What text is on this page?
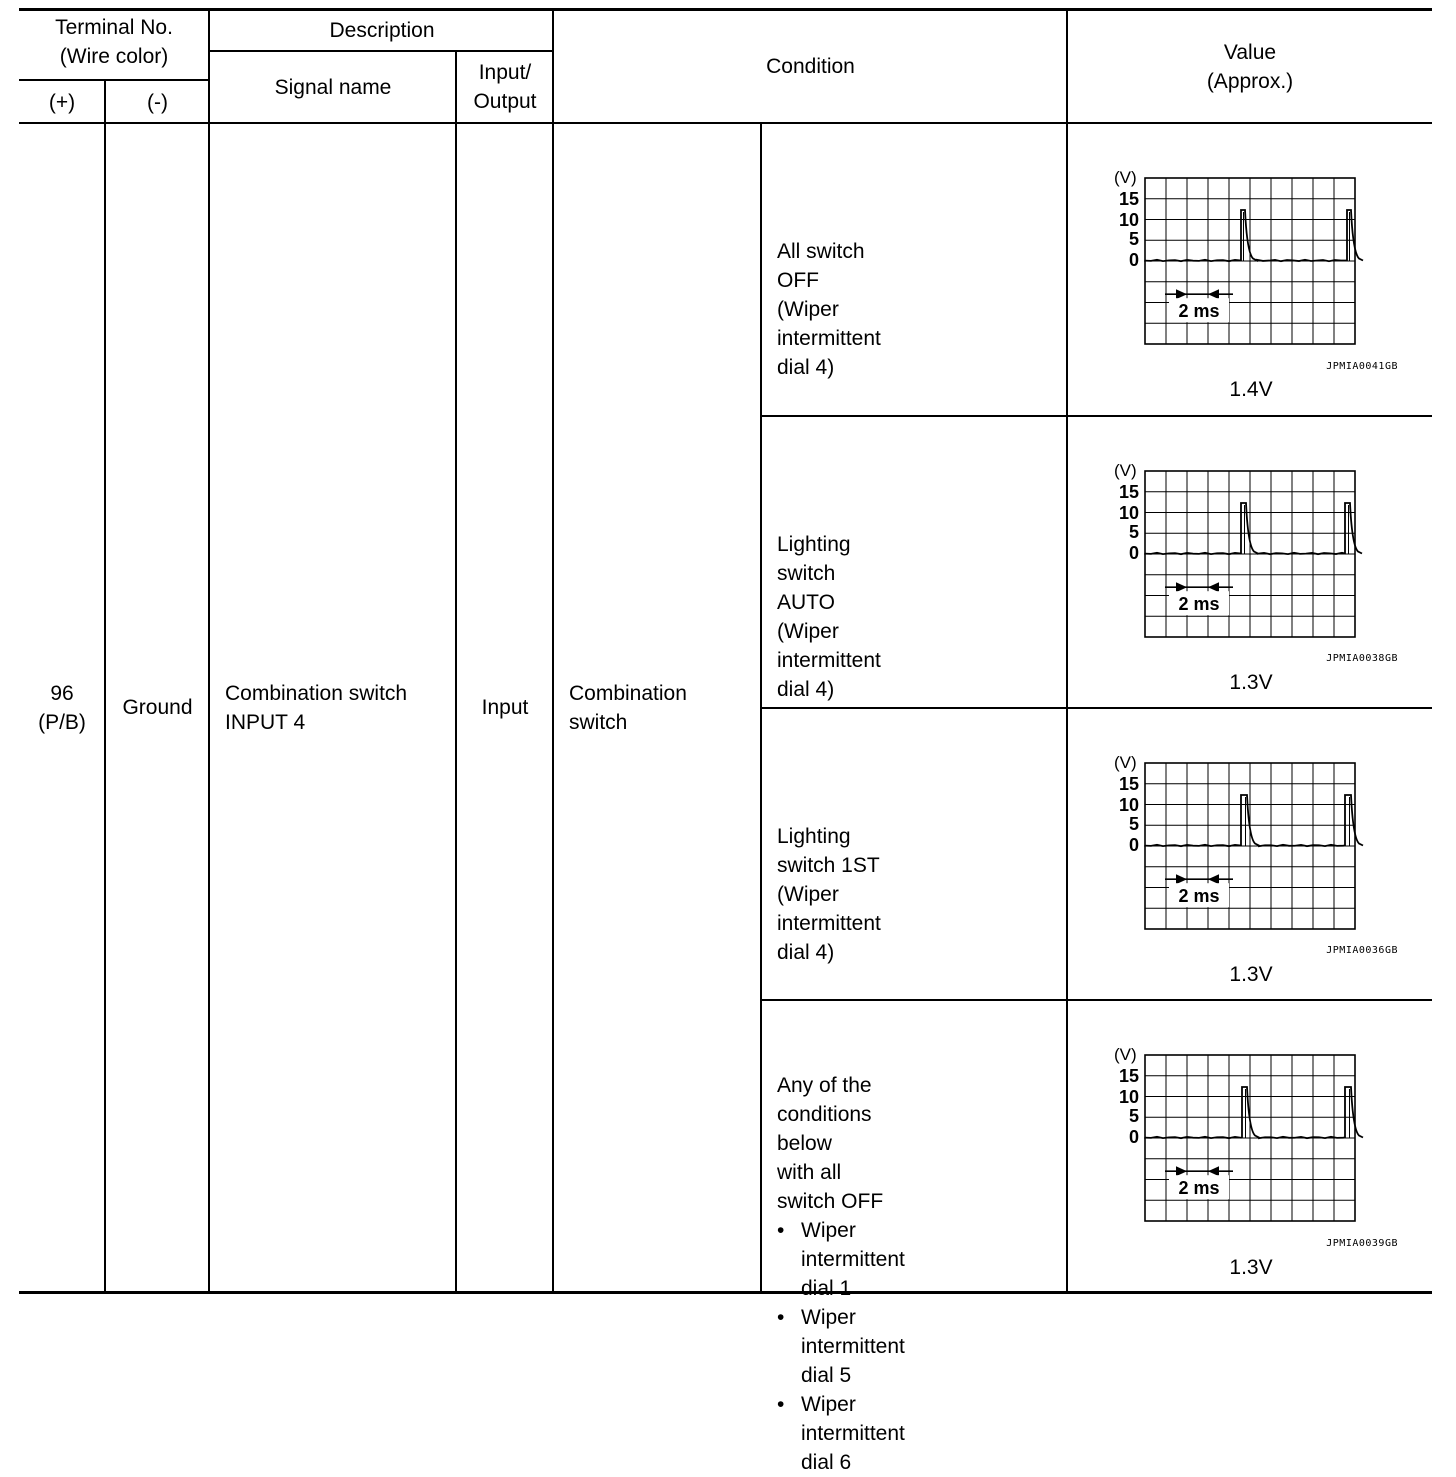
Terminal No.
(Wire color)
(+)	(-)
Description
Signal name
Input/
Output
Condition
Value
(Approx.)
96
(P/B)
Ground
Combination switch
INPUT 4
Input
Combination
switch
All switch OFF
(Wiper intermittent dial 4)
Lighting switch AUTO
(Wiper intermittent dial 4)
Lighting switch 1ST
(Wiper intermittent dial 4)
Any of the conditions below
with all switch OFF
• Wiper intermittent dial 1
• Wiper intermittent dial 5
• Wiper intermittent dial 6
(V)
15
10
5
0
2 ms
(V)
15
10
5
0
2 ms
(V)
15
10
5
0
2 ms
(V)
15
10
5
0
2 ms
JPMIA0041GB
JPMIA0038GB
JPMIA0036GB
JPMIA0039GB
1.4V
1.3V
1.3V
1.3V
